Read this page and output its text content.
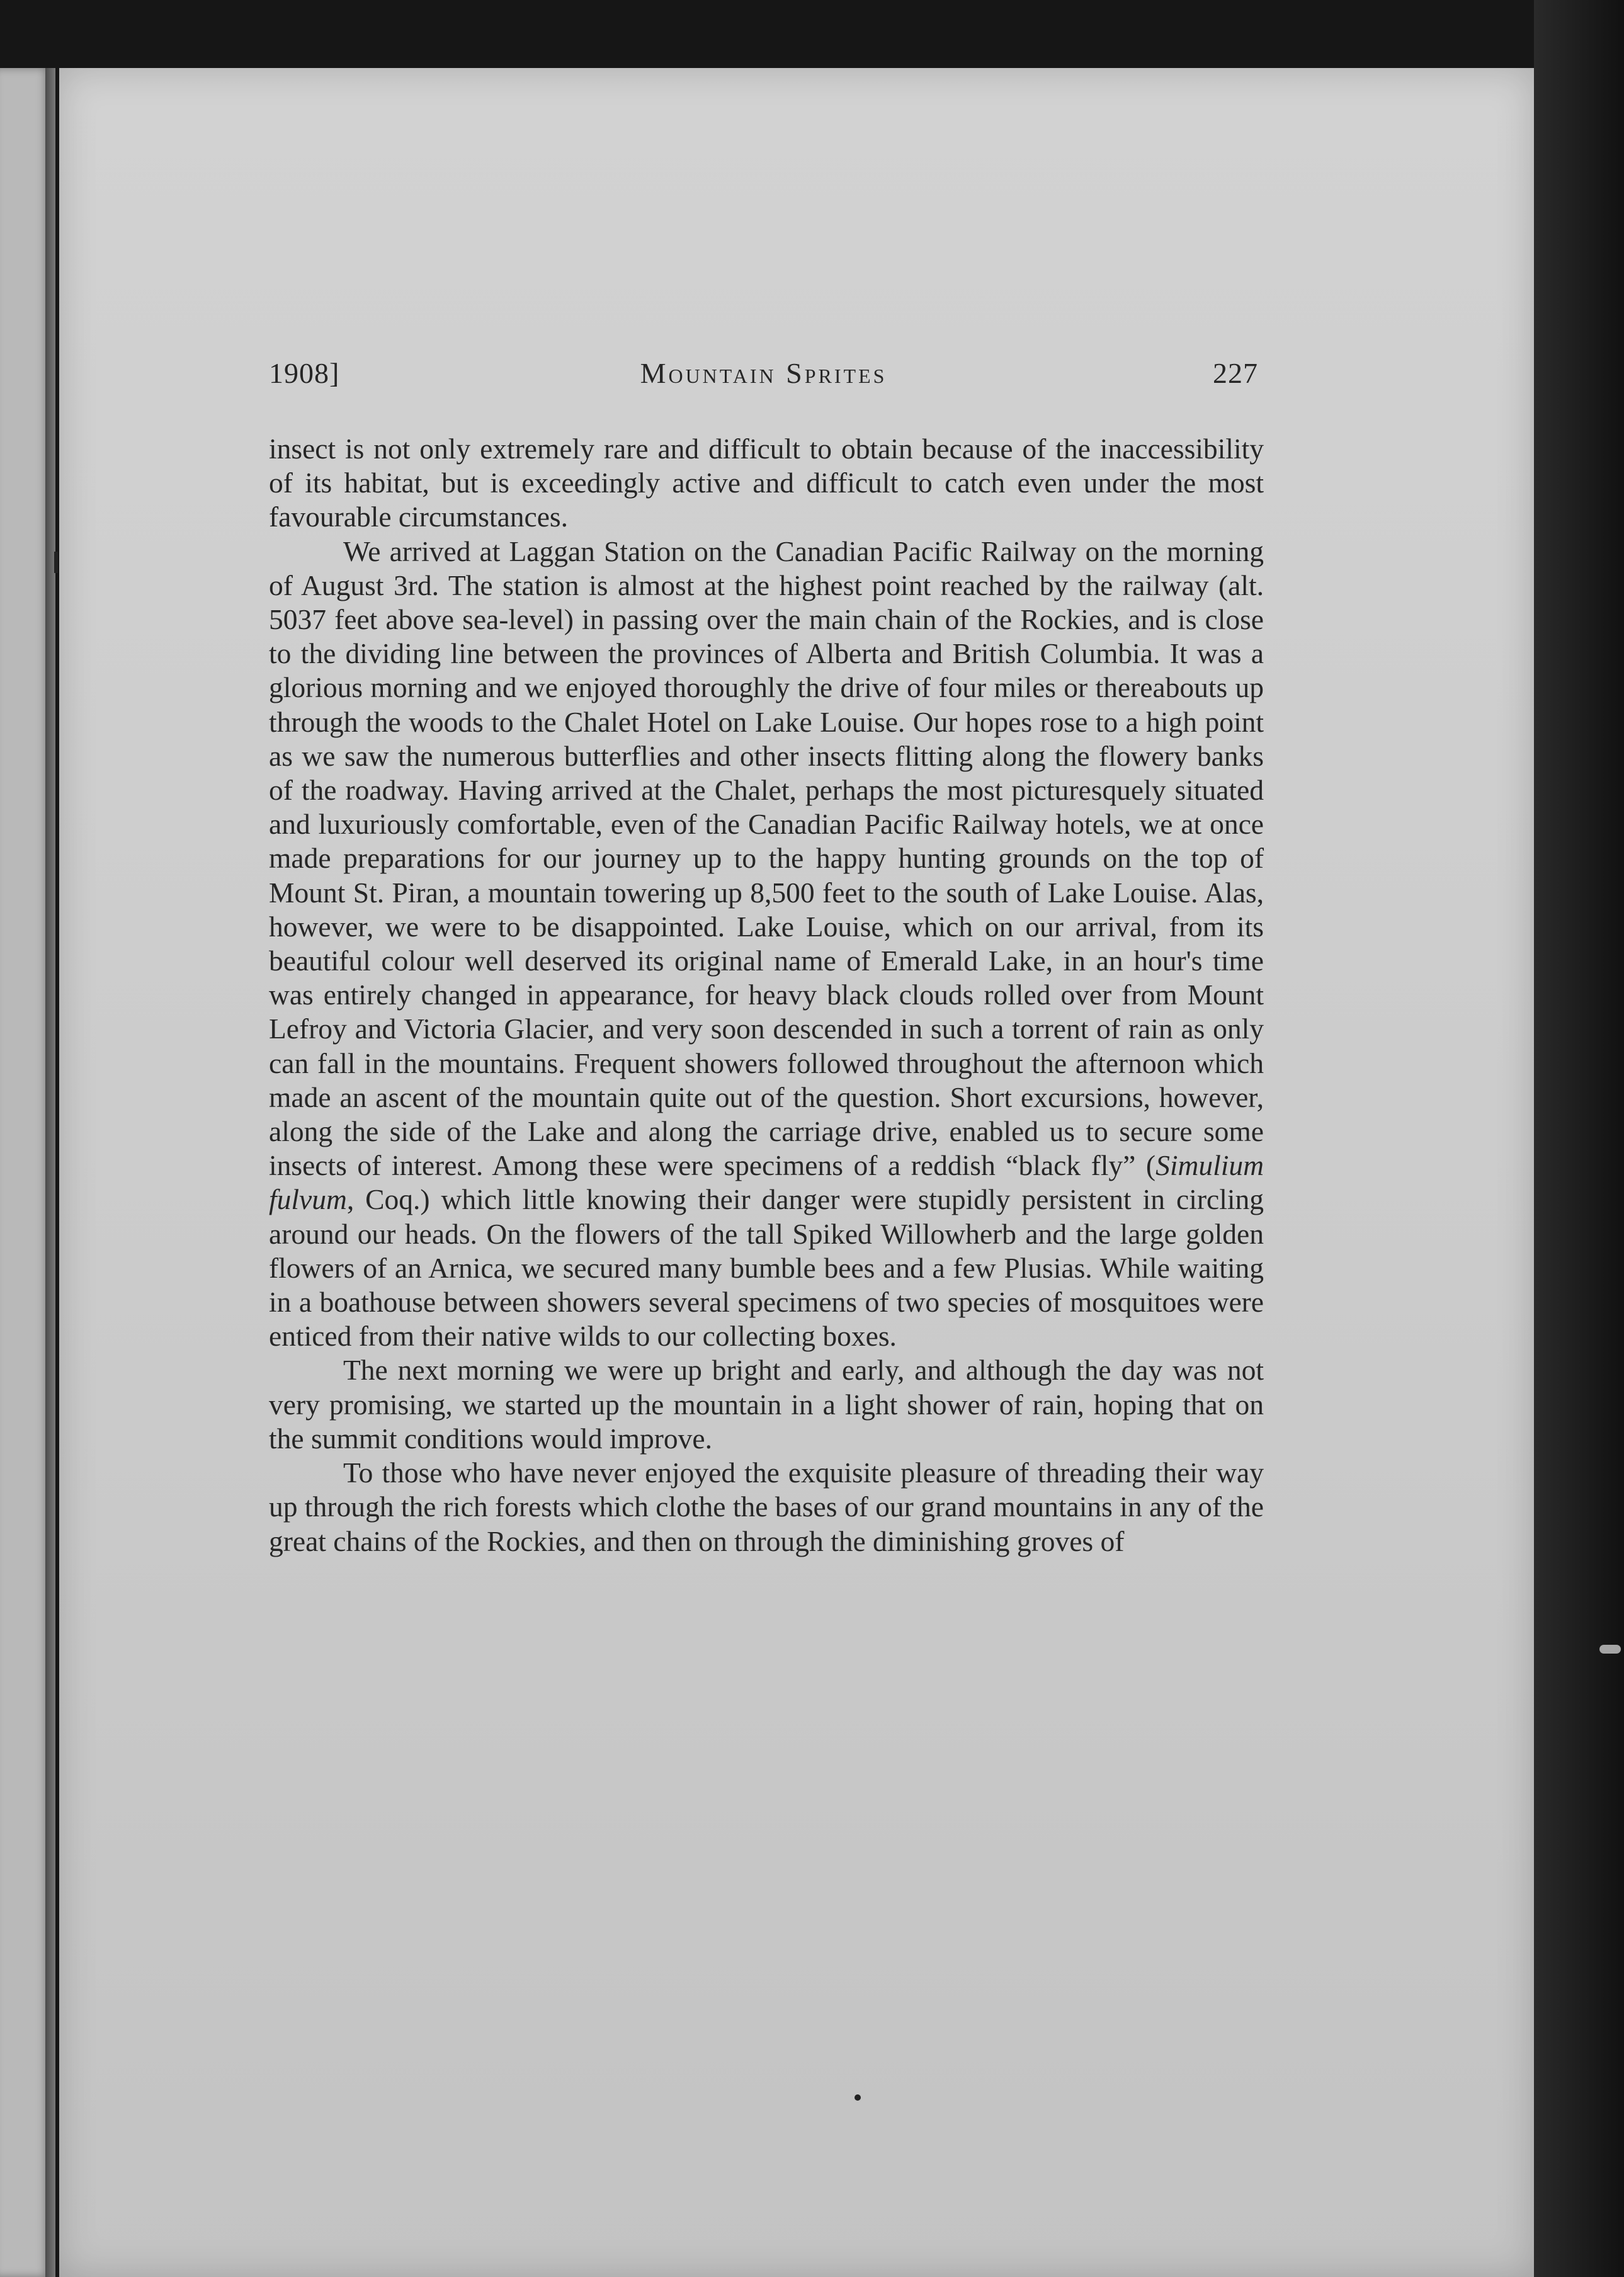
1908]	Mountain Sprites	227

insect is not only extremely rare and difficult to obtain because of the inaccessibility of its habitat, but is exceedingly active and difficult to catch even under the most favourable circumstances.

We arrived at Laggan Station on the Canadian Pacific Railway on the morning of August 3rd. The station is almost at the highest point reached by the railway (alt. 5037 feet above sea-level) in passing over the main chain of the Rockies, and is close to the dividing line between the provinces of Alberta and British Columbia. It was a glorious morning and we enjoyed thoroughly the drive of four miles or thereabouts up through the woods to the Chalet Hotel on Lake Louise. Our hopes rose to a high point as we saw the numerous butterflies and other insects flitting along the flowery banks of the roadway. Having arrived at the Chalet, perhaps the most picturesquely situated and luxuriously comfortable, even of the Canadian Pacific Railway hotels, we at once made preparations for our journey up to the happy hunting grounds on the top of Mount St. Piran, a mountain towering up 8,500 feet to the south of Lake Louise. Alas, however, we were to be disappointed. Lake Louise, which on our arrival, from its beautiful colour well deserved its original name of Emerald Lake, in an hour's time was entirely changed in appearance, for heavy black clouds rolled over from Mount Lefroy and Victoria Glacier, and very soon descended in such a torrent of rain as only can fall in the mountains. Frequent showers followed throughout the afternoon which made an ascent of the mountain quite out of the question. Short excursions, however, along the side of the Lake and along the carriage drive, enabled us to secure some insects of interest. Among these were specimens of a reddish “black fly” (Simulium fulvum, Coq.) which little knowing their danger were stupidly persistent in circling around our heads. On the flowers of the tall Spiked Willowherb and the large golden flowers of an Arnica, we secured many bumble bees and a few Plusias. While waiting in a boathouse between showers several specimens of two species of mosquitoes were enticed from their native wilds to our collecting boxes.

The next morning we were up bright and early, and although the day was not very promising, we started up the mountain in a light shower of rain, hoping that on the summit conditions would improve.

To those who have never enjoyed the exquisite pleasure of threading their way up through the rich forests which clothe the bases of our grand mountains in any of the great chains of the Rockies, and then on through the diminishing groves of
